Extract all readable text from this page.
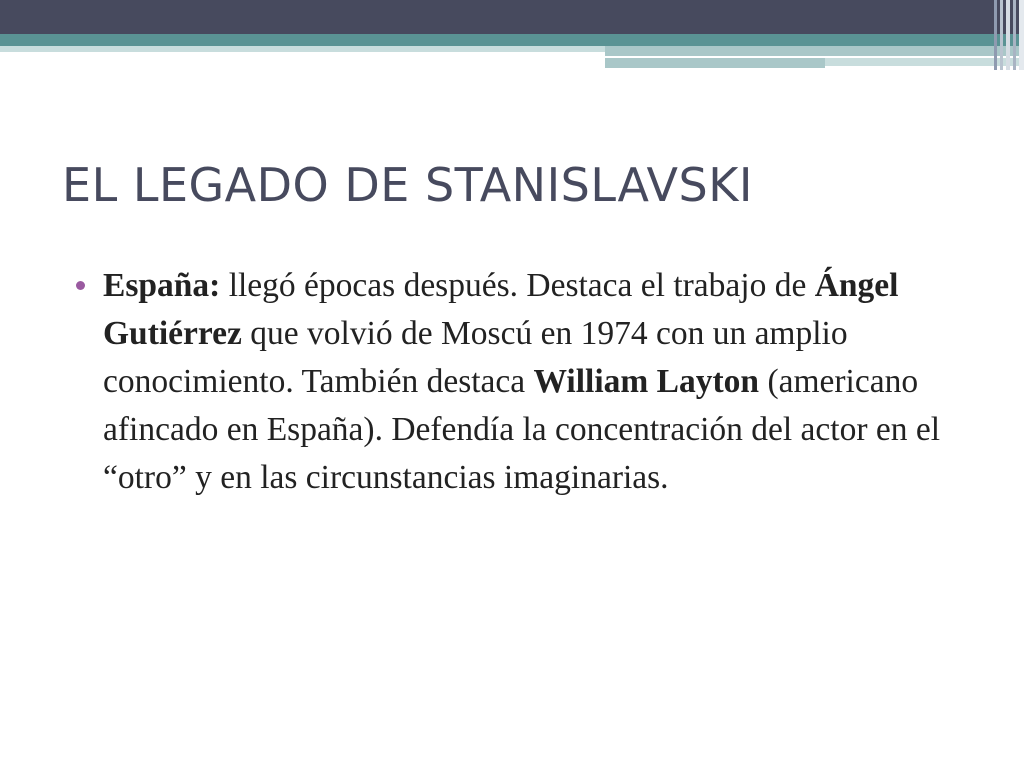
EL LEGADO DE STANISLAVSKI
España: llegó épocas después. Destaca el trabajo de Ángel Gutiérrez que volvió de Moscú en 1974 con un amplio conocimiento. También destaca William Layton (americano afincado en España). Defendía la concentración del actor en el “otro” y en las circunstancias imaginarias.
